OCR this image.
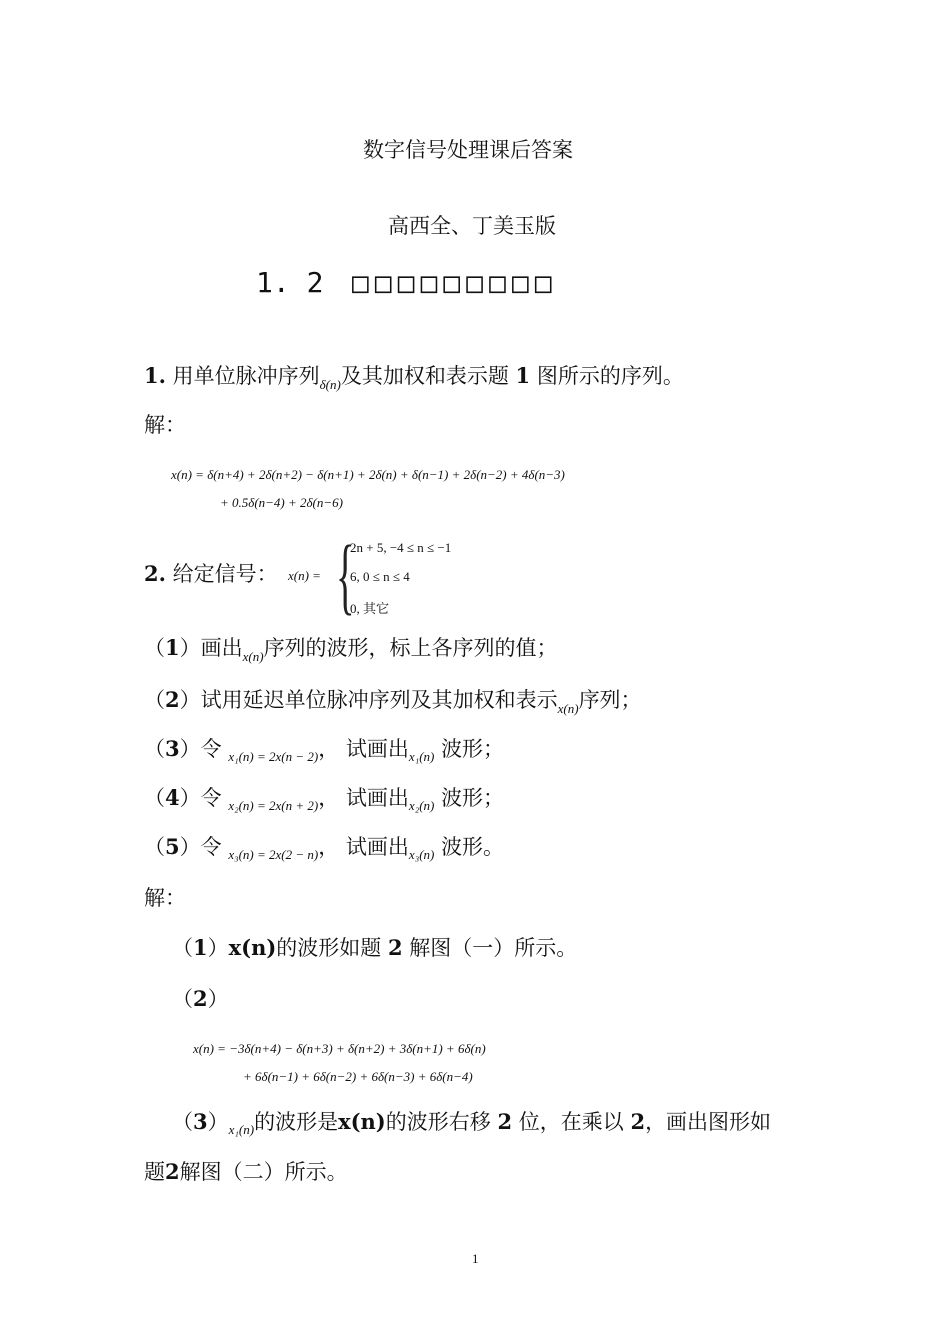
数字信号处理课后答案
高西全、丁美玉版
1. 2 □□□□□□□□□
1. 用单位脉冲序列$_{\delta(n)}$及其加权和表示题 1 图所示的序列。
解：
x(n) = δ(n+4) + 2δ(n+2) − δ(n+1) + 2δ(n) + δ(n−1) + 2δ(n−2) + 4δ(n−3)
+ 0.5δ(n−4) + 2δ(n−6)
2. 给定信号： x(n) = {
2n + 5, −4 ≤ n ≤ −1
6, 0 ≤ n ≤ 4
0, 其它
（1）画出$_{x(n)}$序列的波形，标上各序列的值；
（2）试用延迟单位脉冲序列及其加权和表示$_{x(n)}$序列；
（3）令 $_{x_1(n) = 2x(n - 2)}$， 试画出$_{x_1(n)}$ 波形；
（4）令 $_{x_2(n) = 2x(n + 2)}$， 试画出$_{x_2(n)}$ 波形；
（5）令 $_{x_3(n) = 2x(2 - n)}$， 试画出$_{x_3(n)}$ 波形。
解：
（1）x(n)的波形如题 2 解图（一）所示。
（2）
x(n) = −3δ(n+4) − δ(n+3) + δ(n+2) + 3δ(n+1) + 6δ(n)
+ 6δ(n−1) + 6δ(n−2) + 6δ(n−3) + 6δ(n−4)
$(3)_{x_1(n)}$的波形是x(n)的波形右移 2 位，在乘以 2，画出图形如
题2解图（二）所示。
1
